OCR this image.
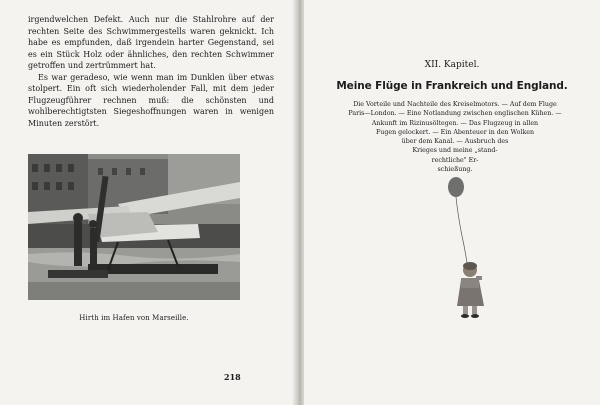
irgendwelchen Defekt. Auch nur die Stahlrohre auf der rechten Seite des Schwimmergestells waren geknickt. Ich habe es empfunden, daß irgendein harter Gegenstand, sei es ein Stück Holz oder ähnliches, den rechten Schwimmer getroffen und zertrümmert hat.

Es war geradeso, wie wenn man im Dunklen über etwas stolpert. Ein oft sich wiederholender Fall, mit dem jeder Flugzeugführer rechnen muß: die schönsten und wohlberechtigtsten Siegeshoffnungen waren in wenigen Minuten zerstört.

Hirth im Hafen von Marseille.
218
XII. Kapitel.
Meine Flüge in Frankreich und England.
Die Vorteile und Nachteile des Kreiselmotors. — Auf dem Fluge
Paris—London. — Eine Notlandung zwischen englischen Kühen. —
Ankunft im Rizinusöltegen. — Das Flugzeug in allen
Fugen gelockert. — Ein Abenteuer in den Wolken
über dem Kanal. — Ausbruch des
Krieges und meine „stand-
rechtliche" Er-
schießung.
